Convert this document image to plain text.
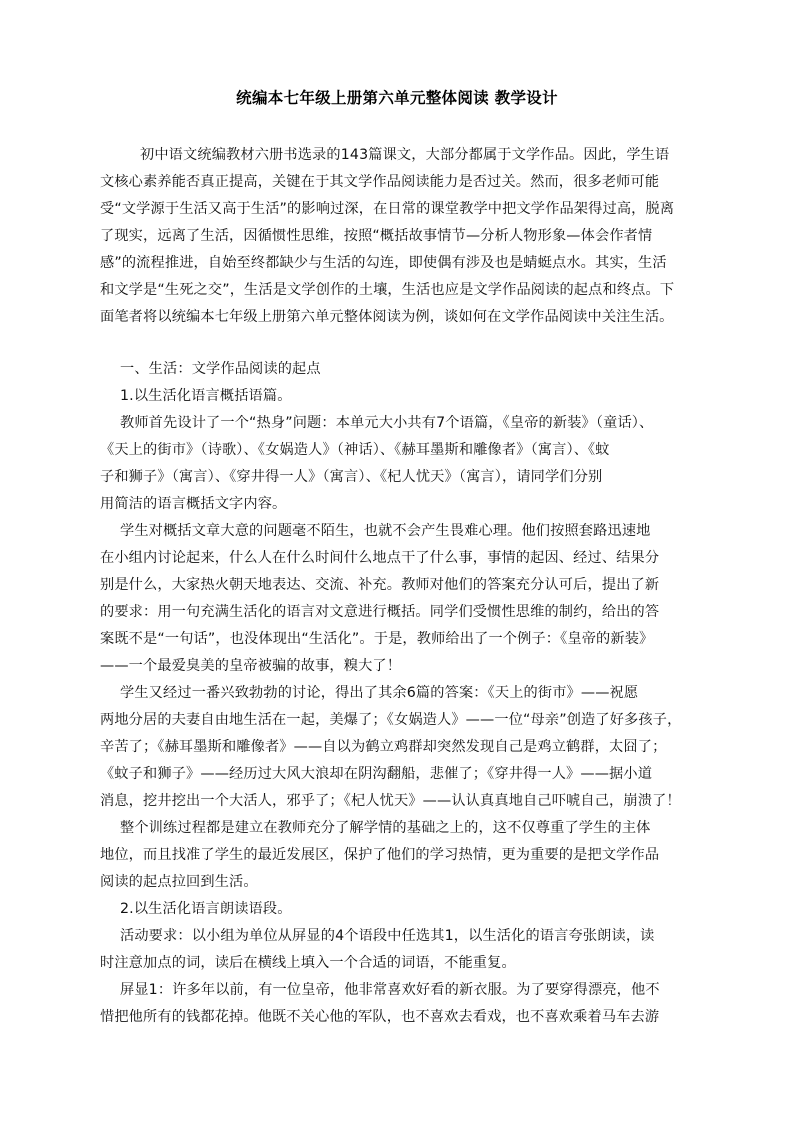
统编本七年级上册第六单元整体阅读 教学设计
初中语文统编教材六册书选录的143篇课文，大部分都属于文学作品。因此，学生语
文核心素养能否真正提高，关键在于其文学作品阅读能力是否过关。然而，很多老师可能
受“文学源于生活又高于生活”的影响过深，在日常的课堂教学中把文学作品架得过高，脱离
了现实，远离了生活，因循惯性思维，按照“概括故事情节—分析人物形象—体会作者情
感”的流程推进，自始至终都缺少与生活的勾连，即使偶有涉及也是蜻蜓点水。其实，生活
和文学是“生死之交”，生活是文学创作的土壤，生活也应是文学作品阅读的起点和终点。下
面笔者将以统编本七年级上册第六单元整体阅读为例，谈如何在文学作品阅读中关注生活。
一、生活：文学作品阅读的起点
1.以生活化语言概括语篇。
教师首先设计了一个“热身”问题：本单元大小共有7个语篇，《皇帝的新装》（童话）、
《天上的街市》（诗歌）、《女娲造人》（神话）、《赫耳墨斯和雕像者》（寓言）、《蚊
子和狮子》（寓言）、《穿井得一人》（寓言）、《杞人忧天》（寓言），请同学们分别
用简洁的语言概括文字内容。
学生对概括文章大意的问题毫不陌生，也就不会产生畏难心理。他们按照套路迅速地
在小组内讨论起来，什么人在什么时间什么地点干了什么事，事情的起因、经过、结果分
别是什么，大家热火朝天地表达、交流、补充。教师对他们的答案充分认可后，提出了新
的要求：用一句充满生活化的语言对文意进行概括。同学们受惯性思维的制约，给出的答
案既不是“一句话”，也没体现出“生活化”。于是，教师给出了一个例子：《皇帝的新装》
——一个最爱臭美的皇帝被骗的故事，糗大了！
学生又经过一番兴致勃勃的讨论，得出了其余6篇的答案：《天上的街市》——祝愿
两地分居的夫妻自由地生活在一起，美爆了；《女娲造人》——一位“母亲”创造了好多孩子，
辛苦了；《赫耳墨斯和雕像者》——自以为鹤立鸡群却突然发现自己是鸡立鹤群，太囧了；
《蚊子和狮子》——经历过大风大浪却在阴沟翻船，悲催了；《穿井得一人》——据小道
消息，挖井挖出一个大活人，邪乎了；《杞人忧天》——认认真真地自己吓唬自己，崩溃了！
整个训练过程都是建立在教师充分了解学情的基础之上的，这不仅尊重了学生的主体
地位，而且找准了学生的最近发展区，保护了他们的学习热情，更为重要的是把文学作品
阅读的起点拉回到生活。
2.以生活化语言朗读语段。
活动要求：以小组为单位从屏显的4个语段中任选其1，以生活化的语言夸张朗读，读
时注意加点的词，读后在横线上填入一个合适的词语，不能重复。
屏显1：许多年以前，有一位皇帝，他非常喜欢好看的新衣服。为了要穿得漂亮，他不
惜把他所有的钱都花掉。他既不关心他的军队，也不喜欢去看戏，也不喜欢乘着马车去游
